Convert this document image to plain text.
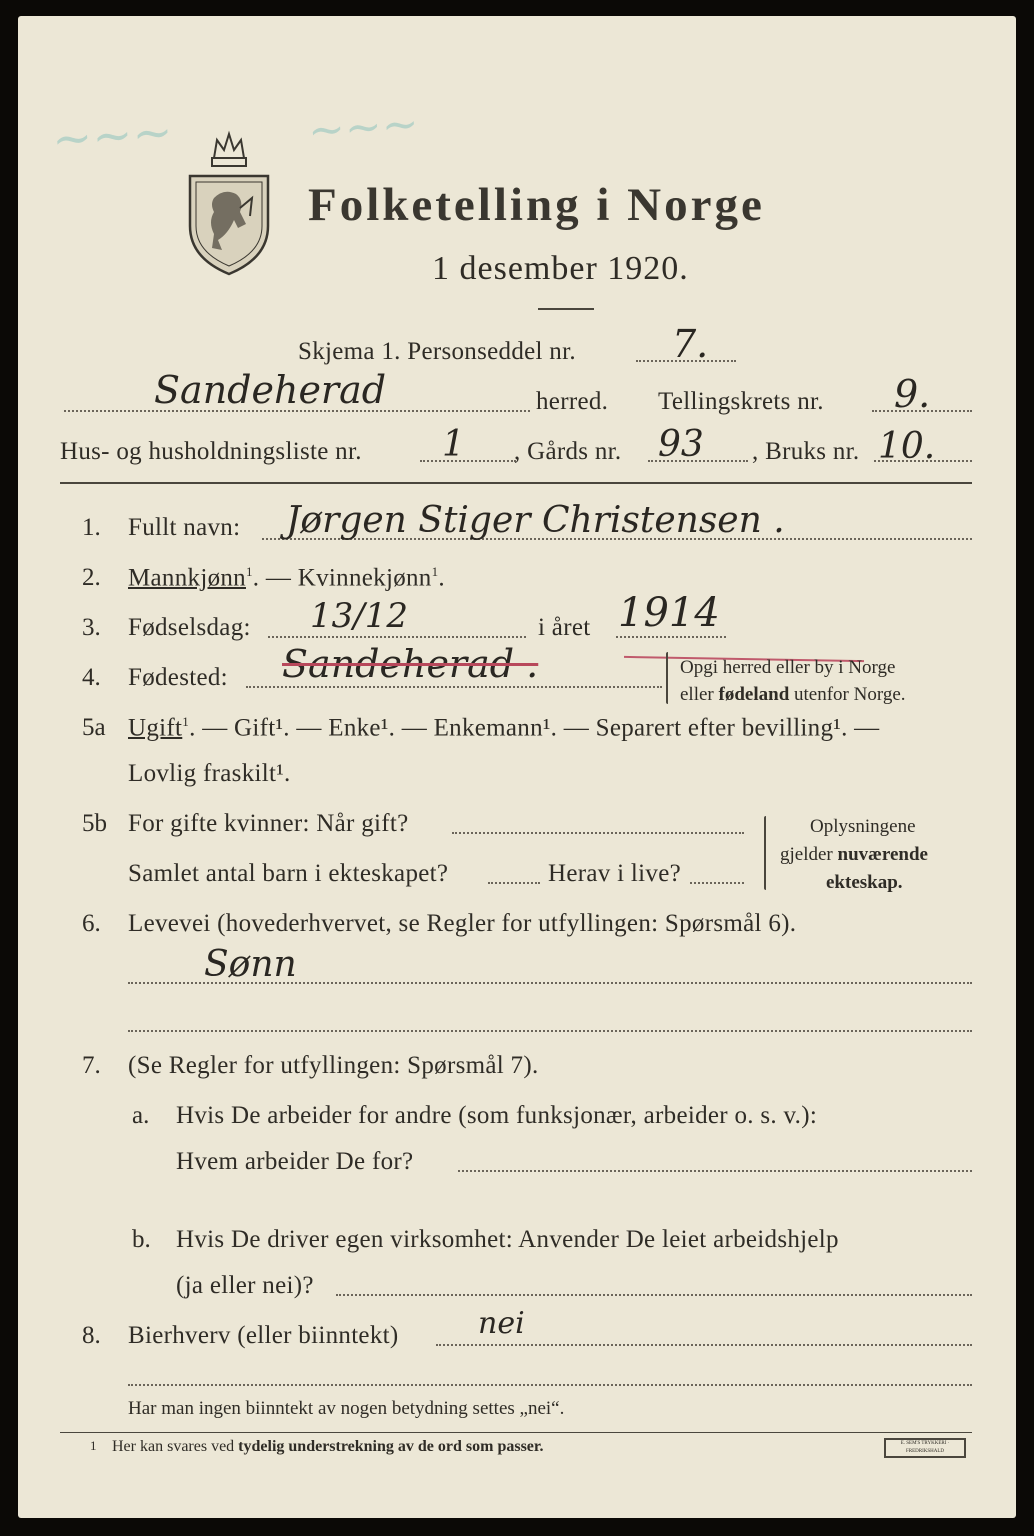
~~~	~~~
Folketelling i Norge
1 desember 1920.
Skjema 1. Personseddel nr.	7.
Sandeherad	herred. Tellingskrets nr. 9.
Hus- og husholdningsliste nr. 1 , Gårds nr. 93 , Bruks nr. 10.
1. Fullt navn: Jørgen Stiger Christensen .
2. Mannkjønn$^1$. — Kvinnekjønn$^1$.
3. Fødselsdag: 13/12	i året 1914
4. Fødested: Sandeherad .	Opgi herred eller by i Norge
eller fødeland utenfor Norge.
5a Ugift$^1$. — Gift¹. — Enke¹. — Enkemann¹. — Separert efter bevilling¹. —
Lovlig fraskilt¹.
5b For gifte kvinner: Når gift?
Samlet antal barn i ekteskapet?	Herav i live?
Oplysningene
gjelder nuværende
ekteskap.
6. Levevei (hovederhvervet, se Regler for utfyllingen: Spørsmål 6).
Sønn
7. (Se Regler for utfyllingen: Spørsmål 7).
a. Hvis De arbeider for andre (som funksjonær, arbeider o. s. v.):
Hvem arbeider De for?
b. Hvis De driver egen virksomhet: Anvender De leiet arbeidshjelp
(ja eller nei)?
8. Bierhverv (eller biinntekt)	nei
Har man ingen biinntekt av nogen betydning settes „nei“.
1 Her kan svares ved tydelig understrekning av de ord som passer.	E. SEM'S TRYKKERI · FREDRIKSHALD
